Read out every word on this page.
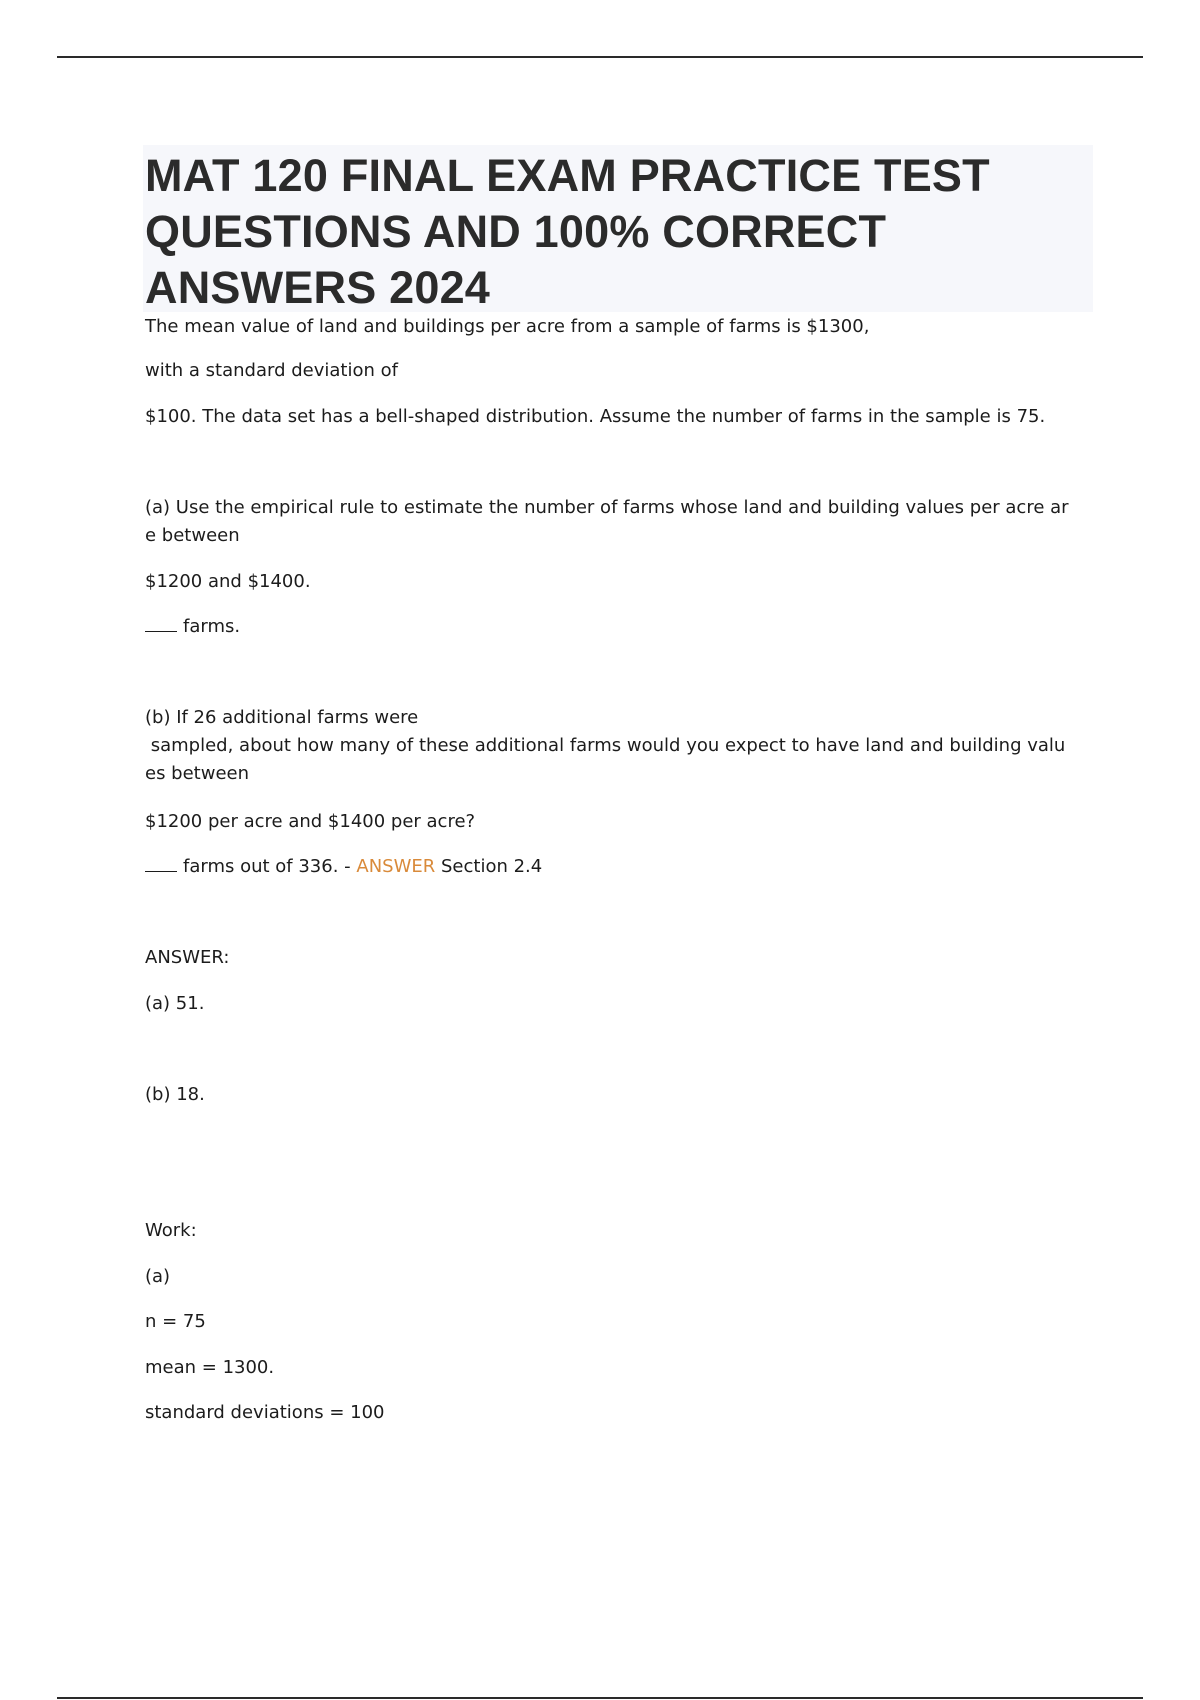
MAT 120 FINAL EXAM PRACTICE TEST QUESTIONS AND 100% CORRECT ANSWERS 2024

The mean value of land and buildings per acre from a sample of farms is $1300,

with a standard deviation of

$100. The data set has a bell-shaped distribution. Assume the number of farms in the sample is 75.

(a) Use the empirical rule to estimate the number of farms whose land and building values per acre ar
e between

$1200 and $1400.

farms.

(b) If 26 additional farms were
sampled, about how many of these additional farms would you expect to have land and building valu
es between

$1200 per acre and $1400 per acre?

farms out of 336. - ANSWER Section 2.4

ANSWER:

(a) 51.

(b) 18.

Work:

(a)

n = 75

mean = 1300.

standard deviations = 100
